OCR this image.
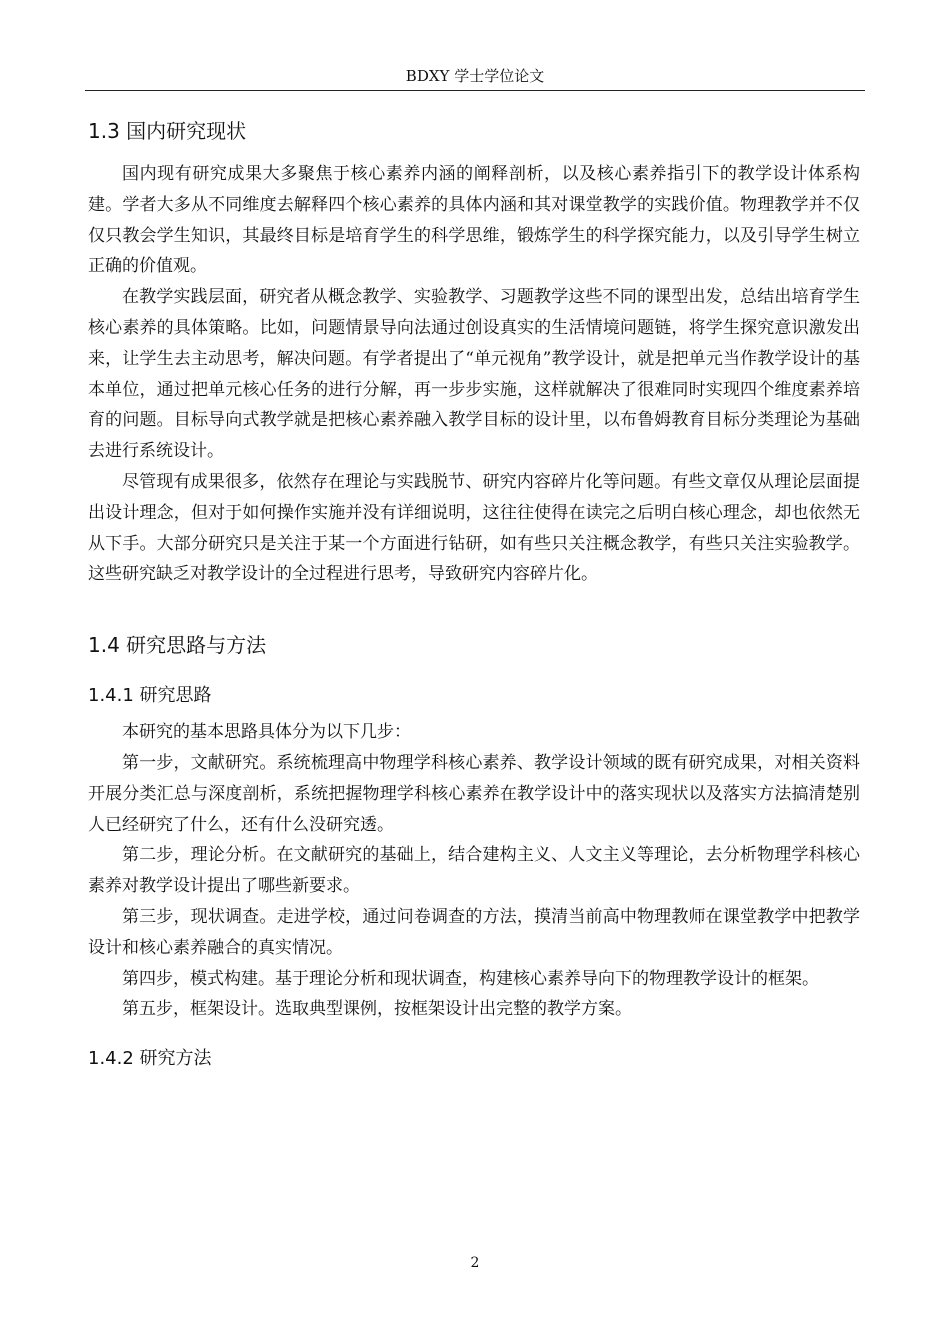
BDXY 学士学位论文
1.3 国内研究现状

国内现有研究成果大多聚焦于核心素养内涵的阐释剖析，以及核心素养指引下的教学设计体系构建。学者大多从不同维度去解释四个核心素养的具体内涵和其对课堂教学的实践价值。物理教学并不仅仅只教会学生知识，其最终目标是培育学生的科学思维，锻炼学生的科学探究能力，以及引导学生树立正确的价值观。

在教学实践层面，研究者从概念教学、实验教学、习题教学这些不同的课型出发，总结出培育学生核心素养的具体策略。比如，问题情景导向法通过创设真实的生活情境问题链，将学生探究意识激发出来，让学生去主动思考，解决问题。有学者提出了“单元视角”教学设计，就是把单元当作教学设计的基本单位，通过把单元核心任务的进行分解，再一步步实施，这样就解决了很难同时实现四个维度素养培育的问题。目标导向式教学就是把核心素养融入教学目标的设计里，以布鲁姆教育目标分类理论为基础去进行系统设计。

尽管现有成果很多，依然存在理论与实践脱节、研究内容碎片化等问题。有些文章仅从理论层面提出设计理念，但对于如何操作实施并没有详细说明，这往往使得在读完之后明白核心理念，却也依然无从下手。大部分研究只是关注于某一个方面进行钻研，如有些只关注概念教学，有些只关注实验教学。这些研究缺乏对教学设计的全过程进行思考，导致研究内容碎片化。

1.4 研究思路与方法
1.4.1 研究思路

本研究的基本思路具体分为以下几步：

第一步，文献研究。系统梳理高中物理学科核心素养、教学设计领域的既有研究成果，对相关资料开展分类汇总与深度剖析，系统把握物理学科核心素养在教学设计中的落实现状以及落实方法搞清楚别人已经研究了什么，还有什么没研究透。

第二步，理论分析。在文献研究的基础上，结合建构主义、人文主义等理论，去分析物理学科核心素养对教学设计提出了哪些新要求。

第三步，现状调查。走进学校，通过问卷调查的方法，摸清当前高中物理教师在课堂教学中把教学设计和核心素养融合的真实情况。

第四步，模式构建。基于理论分析和现状调查，构建核心素养导向下的物理教学设计的框架。

第五步，框架设计。选取典型课例，按框架设计出完整的教学方案。

1.4.2 研究方法
2
